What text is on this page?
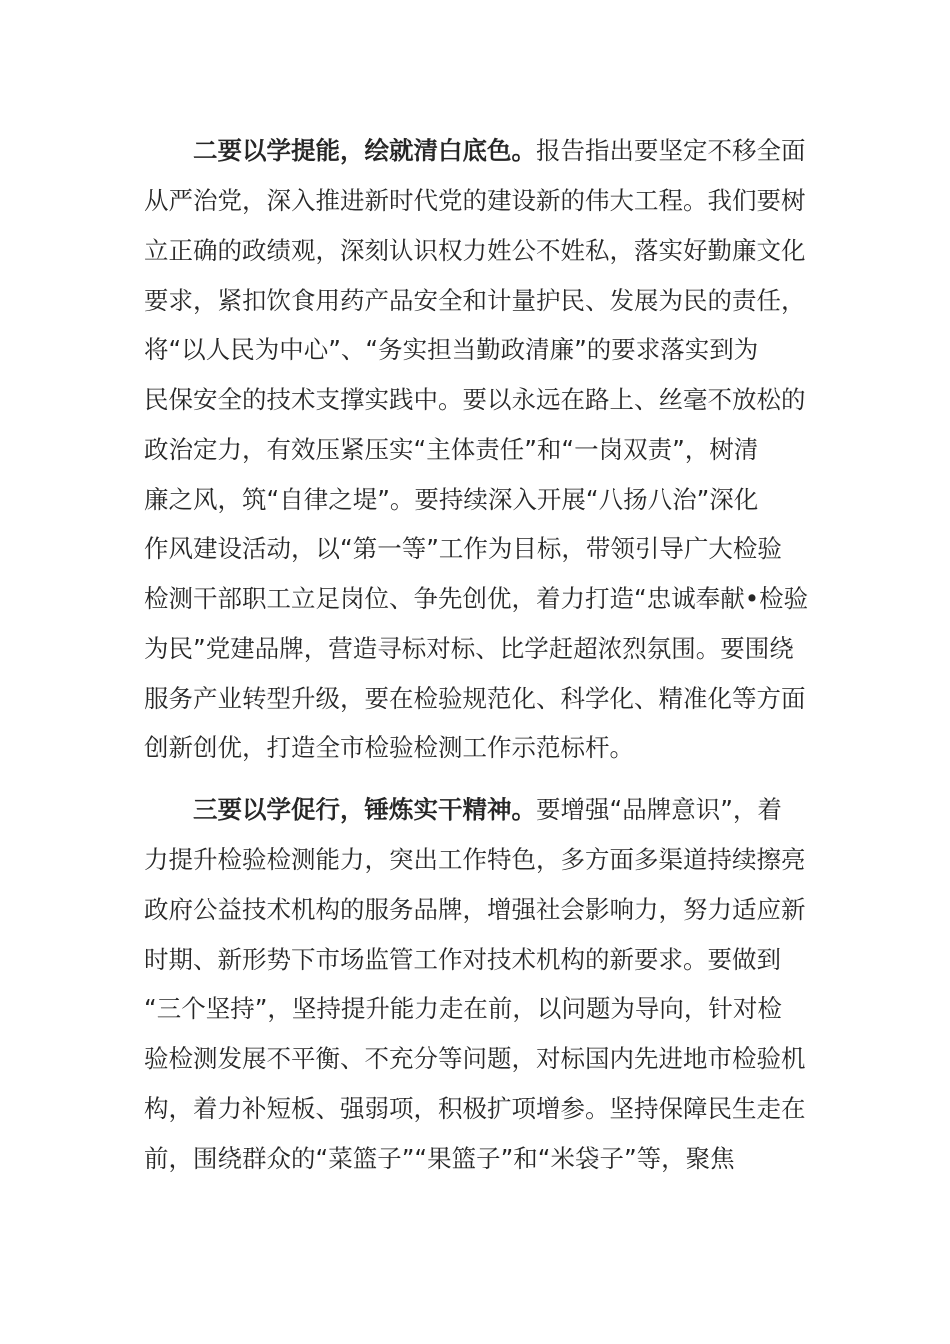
二要以学提能，绘就清白底色。报告指出要坚定不移全面
从严治党，深入推进新时代党的建设新的伟大工程。我们要树
立正确的政绩观，深刻认识权力姓公不姓私，落实好勤廉文化
要求，紧扣饮食用药产品安全和计量护民、发展为民的责任，
将“以人民为中心”、“务实担当勤政清廉”的要求落实到为
民保安全的技术支撑实践中。要以永远在路上、丝毫不放松的
政治定力，有效压紧压实“主体责任”和“一岗双责”，树清
廉之风，筑“自律之堤”。要持续深入开展“八扬八治”深化
作风建设活动，以“第一等”工作为目标，带领引导广大检验
检测干部职工立足岗位、争先创优，着力打造“忠诚奉献•检验
为民”党建品牌，营造寻标对标、比学赶超浓烈氛围。要围绕
服务产业转型升级，要在检验规范化、科学化、精准化等方面
创新创优，打造全市检验检测工作示范标杆。
三要以学促行，锤炼实干精神。要增强“品牌意识”，着
力提升检验检测能力，突出工作特色，多方面多渠道持续擦亮
政府公益技术机构的服务品牌，增强社会影响力，努力适应新
时期、新形势下市场监管工作对技术机构的新要求。要做到
“三个坚持”，坚持提升能力走在前，以问题为导向，针对检
验检测发展不平衡、不充分等问题，对标国内先进地市检验机
构，着力补短板、强弱项，积极扩项增参。坚持保障民生走在
前，围绕群众的“菜篮子”“果篮子”和“米袋子”等，聚焦
